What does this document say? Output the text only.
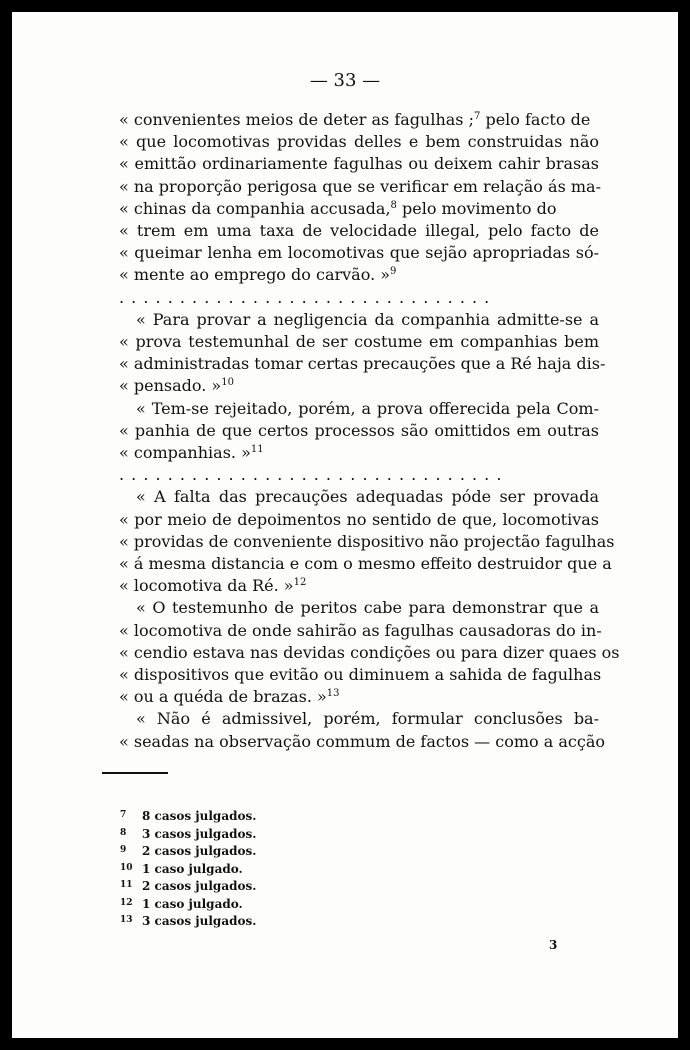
— 33 —
« convenientes meios de deter as fagulhas ;$^7$ pelo facto de
« que locomotivas providas delles e bem construidas não
« emittão ordinariamente fagulhas ou deixem cahir brasas
« na proporção perigosa que se verificar em relação ás ma-
« chinas da companhia accusada,$^8$ pelo movimento do
« trem em uma taxa de velocidade illegal, pelo facto de
« queimar lenha em locomotivas que sejão apropriadas só-
« mente ao emprego do carvão. »$^9$
. . . . . . . . . . . . . . . . . . . . . . . . . . . . . . .
« Para provar a negligencia da companhia admitte-se a
« prova testemunhal de ser costume em companhias bem
« administradas tomar certas precauções que a Ré haja dis-
« pensado. »$^{10}$
« Tem-se rejeitado, porém, a prova offerecida pela Com-
« panhia de que certos processos são omittidos em outras
« companhias. »$^{11}$
. . . . . . . . . . . . . . . . . . . . . . . . . . . . . . . .
« A falta das precauções adequadas póde ser provada
« por meio de depoimentos no sentido de que, locomotivas
« providas de conveniente dispositivo não projectão fagulhas
« á mesma distancia e com o mesmo effeito destruidor que a
« locomotiva da Ré. »$^{12}$
« O testemunho de peritos cabe para demonstrar que a
« locomotiva de onde sahirão as fagulhas causadoras do in-
« cendio estava nas devidas condições ou para dizer quaes os
« dispositivos que evitão ou diminuem a sahida de fagulhas
« ou a quéda de brazas. »$^{13}$
« Não é admissivel, porém, formular conclusões ba-
« seadas na observação commum de factos — como a acção
7 8 casos julgados.
8 3 casos julgados.
9 2 casos julgados.
10 1 caso julgado.
11 2 casos julgados.
12 1 caso julgado.
13 3 casos julgados.
3
